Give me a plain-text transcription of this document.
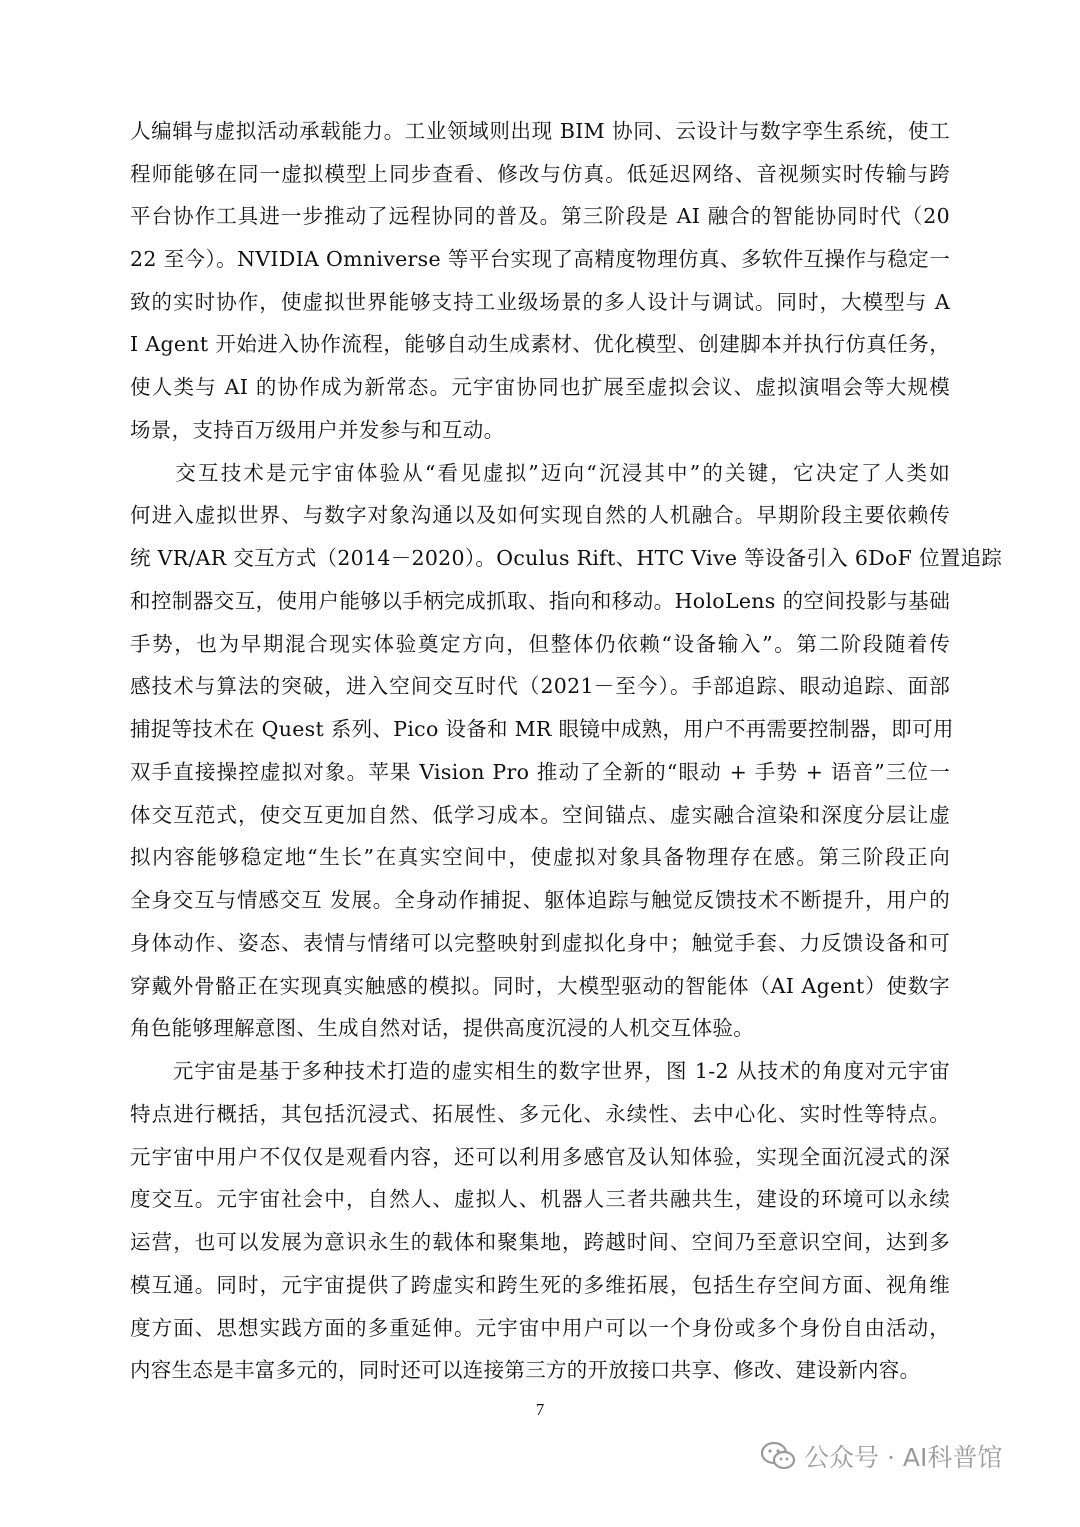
人编辑与虚拟活动承载能力。工业领域则出现 BIM 协同、云设计与数字孪生系统，使工
程师能够在同一虚拟模型上同步查看、修改与仿真。低延迟网络、音视频实时传输与跨
平台协作工具进一步推动了远程协同的普及。第三阶段是 AI 融合的智能协同时代（20
22 至今）。NVIDIA Omniverse 等平台实现了高精度物理仿真、多软件互操作与稳定一
致的实时协作，使虚拟世界能够支持工业级场景的多人设计与调试。同时，大模型与 A
I Agent 开始进入协作流程，能够自动生成素材、优化模型、创建脚本并执行仿真任务，
使人类与 AI 的协作成为新常态。元宇宙协同也扩展至虚拟会议、虚拟演唱会等大规模
场景，支持百万级用户并发参与和互动。
　　交互技术是元宇宙体验从“看见虚拟”迈向“沉浸其中”的关键，它决定了人类如
何进入虚拟世界、与数字对象沟通以及如何实现自然的人机融合。早期阶段主要依赖传
统 VR/AR 交互方式（2014－2020）。Oculus Rift、HTC Vive 等设备引入 6DoF 位置追踪
和控制器交互，使用户能够以手柄完成抓取、指向和移动。HoloLens 的空间投影与基础
手势，也为早期混合现实体验奠定方向，但整体仍依赖“设备输入”。第二阶段随着传
感技术与算法的突破，进入空间交互时代（2021－至今）。手部追踪、眼动追踪、面部
捕捉等技术在 Quest 系列、Pico 设备和 MR 眼镜中成熟，用户不再需要控制器，即可用
双手直接操控虚拟对象。苹果 Vision Pro 推动了全新的“眼动 + 手势 + 语音”三位一
体交互范式，使交互更加自然、低学习成本。空间锚点、虚实融合渲染和深度分层让虚
拟内容能够稳定地“生长”在真实空间中，使虚拟对象具备物理存在感。第三阶段正向
全身交互与情感交互 发展。全身动作捕捉、躯体追踪与触觉反馈技术不断提升，用户的
身体动作、姿态、表情与情绪可以完整映射到虚拟化身中；触觉手套、力反馈设备和可
穿戴外骨骼正在实现真实触感的模拟。同时，大模型驱动的智能体（AI Agent）使数字
角色能够理解意图、生成自然对话，提供高度沉浸的人机交互体验。
　　元宇宙是基于多种技术打造的虚实相生的数字世界，图 1-2 从技术的角度对元宇宙
特点进行概括，其包括沉浸式、拓展性、多元化、永续性、去中心化、实时性等特点。
元宇宙中用户不仅仅是观看内容，还可以利用多感官及认知体验，实现全面沉浸式的深
度交互。元宇宙社会中，自然人、虚拟人、机器人三者共融共生，建设的环境可以永续
运营，也可以发展为意识永生的载体和聚集地，跨越时间、空间乃至意识空间，达到多
模互通。同时，元宇宙提供了跨虚实和跨生死的多维拓展，包括生存空间方面、视角维
度方面、思想实践方面的多重延伸。元宇宙中用户可以一个身份或多个身份自由活动，
内容生态是丰富多元的，同时还可以连接第三方的开放接口共享、修改、建设新内容。
7
公众号 · AI科普馆
